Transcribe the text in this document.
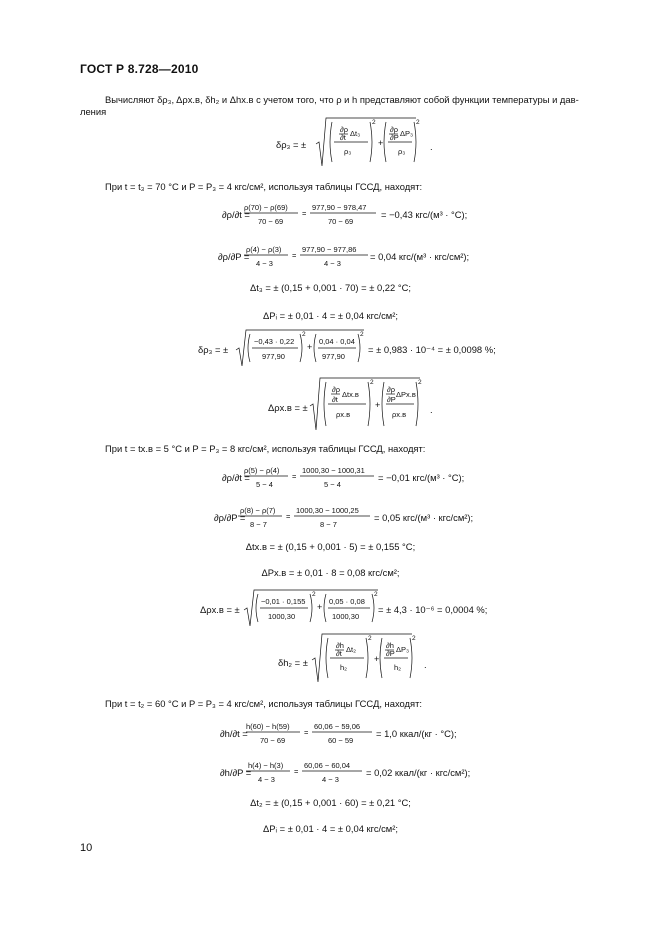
ГОСТ Р 8.728—2010
Вычисляют δρ₃, Δρх.в, δh₂ и Δhх.в с учетом того, что ρ и h представляют собой функции температуры и дав-
ления
δρ₃ = ±
∂ρ
∂t Δt₃
ρ₃
2
+
∂ρ
∂P ΔP₃
ρ₃
2
.
При t = t₃ = 70 °C и P = P₃ = 4 кгс/см², используя таблицы ГССД, находят:
∂ρ/∂t =
ρ(70) − ρ(69)
70 − 69
=
977,90 − 978,47
70 − 69
= −0,43 кгс/(м³ · °С);
∂ρ/∂P =
ρ(4) − ρ(3)
4 − 3
=
977,90 − 977,86
4 − 3
= 0,04 кгс/(м³ · кгс/см²);
Δt₃ = ± (0,15 + 0,001 · 70) = ± 0,22 °C;
ΔPᵢ = ± 0,01 · 4 = ± 0,04 кгс/см²;
δρ₃ = ±
−0,43 · 0,22
977,90
2
+
0,04 · 0,04
977,90
2
= ± 0,983 · 10⁻⁴ = ± 0,0098 %;
Δρх.в = ±
∂ρ
∂t
Δtх.в
ρх.в
2
+
∂ρ
∂P
ΔPх.в
ρх.в
2
.
При t = tх.в = 5 °C и P = P₃ = 8 кгс/см², используя таблицы ГССД, находят:
∂ρ/∂t =
ρ(5) − ρ(4)
5 − 4
=
1000,30 − 1000,31
5 − 4
= −0,01 кгс/(м³ · °С);
∂ρ/∂P =
ρ(8) − ρ(7)
8 − 7
=
1000,30 − 1000,25
8 − 7
= 0,05 кгс/(м³ · кгс/см²);
Δtх.в = ± (0,15 + 0,001 · 5) = ± 0,155 °C;
ΔPх.в = ± 0,01 · 8 = 0,08 кгс/см²;
Δρх.в = ±
−0,01 · 0,155
1000,30
2
+
0,05 · 0,08
1000,30
2
= ± 4,3 · 10⁻⁶ = 0,0004 %;
δh₂ = ±
∂h
∂t Δt₂
h₂
2
+
∂h
∂P ΔP₃
h₂
2
.
При t = t₂ = 60 °C и P = P₃ = 4 кгс/см², используя таблицы ГССД, находят:
∂h/∂t =
h(60) − h(59)
70 − 69
=
60,06 − 59,06
60 − 59
= 1,0 ккал/(кг · °С);
∂h/∂P =
h(4) − h(3)
4 − 3
=
60,06 − 60,04
4 − 3
= 0,02 ккал/(кг · кгс/см²);
Δt₂ = ± (0,15 + 0,001 · 60) = ± 0,21 °C;
ΔPᵢ = ± 0,01 · 4 = ± 0,04 кгс/см²;
10
